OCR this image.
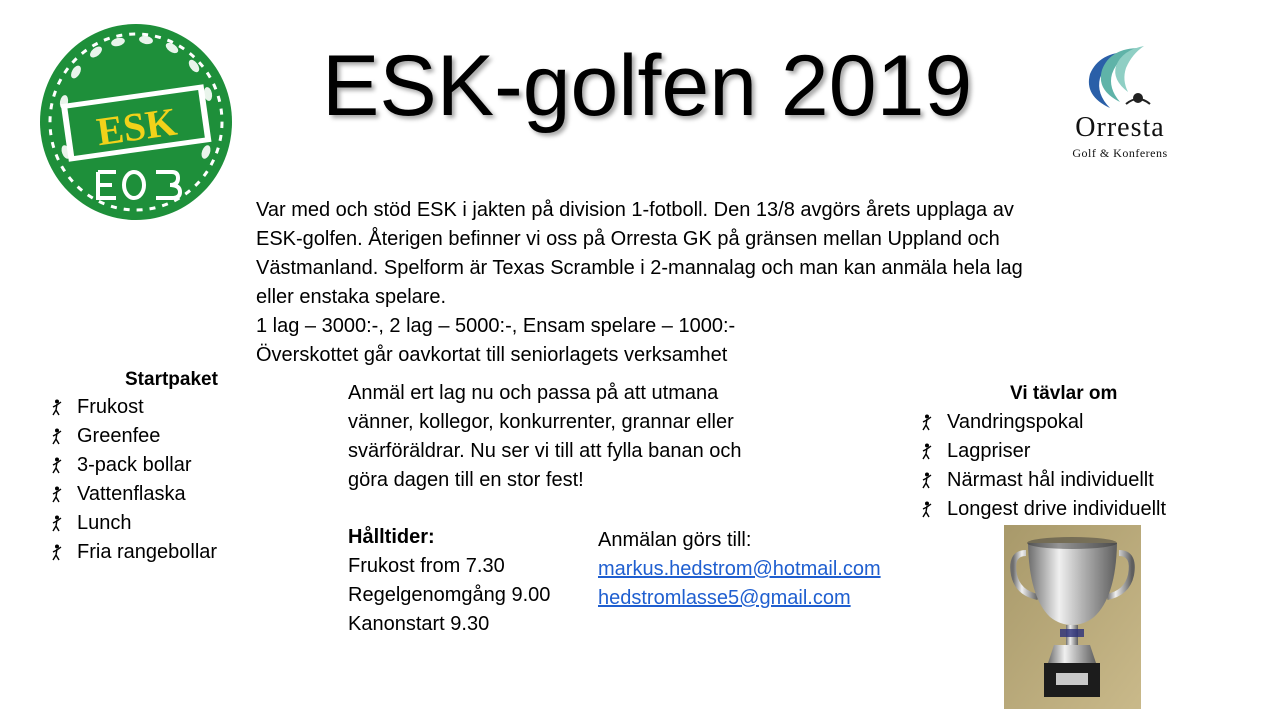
ESK-golfen 2019
ESK	Orresta
Golf & Konferens
Var med och stöd ESK i jakten på division 1-fotboll. Den 13/8 avgörs årets upplaga av
ESK-golfen. Återigen befinner vi oss på Orresta GK på gränsen mellan Uppland och
Västmanland. Spelform är Texas Scramble i 2-mannalag och man kan anmäla hela lag
eller enstaka spelare.
1 lag – 3000:-, 2 lag – 5000:-, Ensam spelare – 1000:-
Överskottet går oavkortat till seniorlagets verksamhet
Startpaket
Frukost
Greenfee
3-pack bollar
Vattenflaska
Lunch
Fria rangebollar
Anmäl ert lag nu och passa på att utmana
vänner, kollegor, konkurrenter, grannar eller
svärföräldrar. Nu ser vi till att fylla banan och
göra dagen till en stor fest!
Hålltider:
Frukost from 7.30
Regelgenomgång 9.00
Kanonstart 9.30
Anmälan görs till:
markus.hedstrom@hotmail.com
hedstromlasse5@gmail.com
Vi tävlar om
Vandringspokal
Lagpriser
Närmast hål individuellt
Longest drive individuellt
